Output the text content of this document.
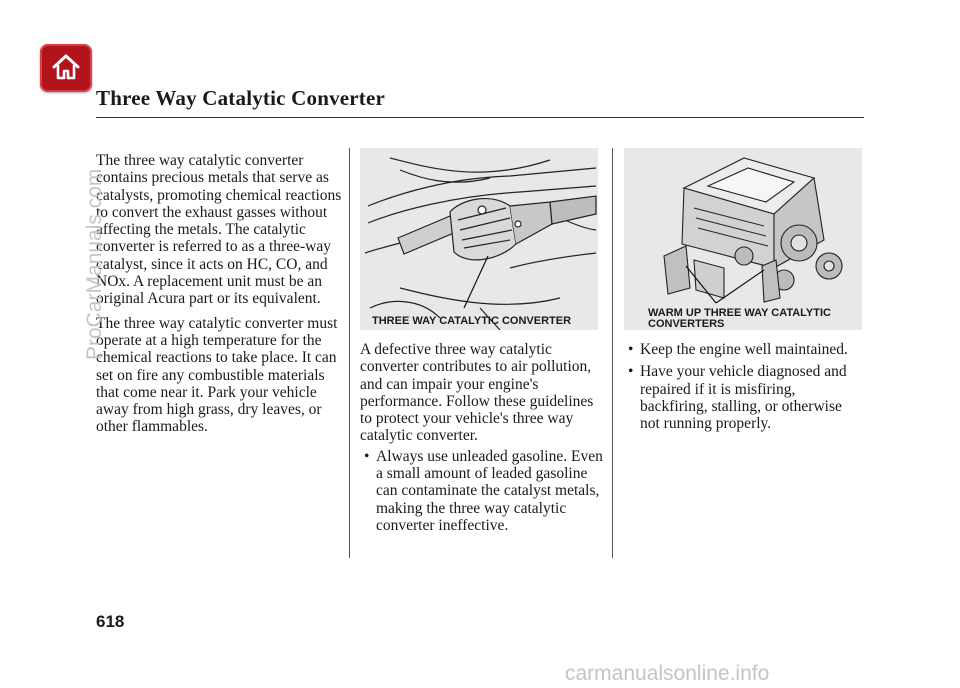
Three Way Catalytic Converter

The three way catalytic converter contains precious metals that serve as catalysts, promoting chemical reactions to convert the exhaust gasses without affecting the metals. The catalytic converter is referred to as a three-way catalyst, since it acts on HC, CO, and NOx. A replacement unit must be an original Acura part or its equivalent.

The three way catalytic converter must operate at a high temperature for the chemical reactions to take place. It can set on fire any combustible materials that come near it. Park your vehicle away from high grass, dry leaves, or other flammables.

THREE WAY CATALYTIC CONVERTER
WARM UP THREE WAY CATALYTIC
CONVERTERS

A defective three way catalytic converter contributes to air pollution, and can impair your engine's performance. Follow these guidelines to protect your vehicle's three way catalytic converter.

• Always use unleaded gasoline. Even a small amount of leaded gasoline can contaminate the catalyst metals, making the three way catalytic converter ineffective.
• Keep the engine well maintained.
• Have your vehicle diagnosed and repaired if it is misfiring, backfiring, stalling, or otherwise not running properly.
618
ProCarManuals.com
carmanualsonline.info
